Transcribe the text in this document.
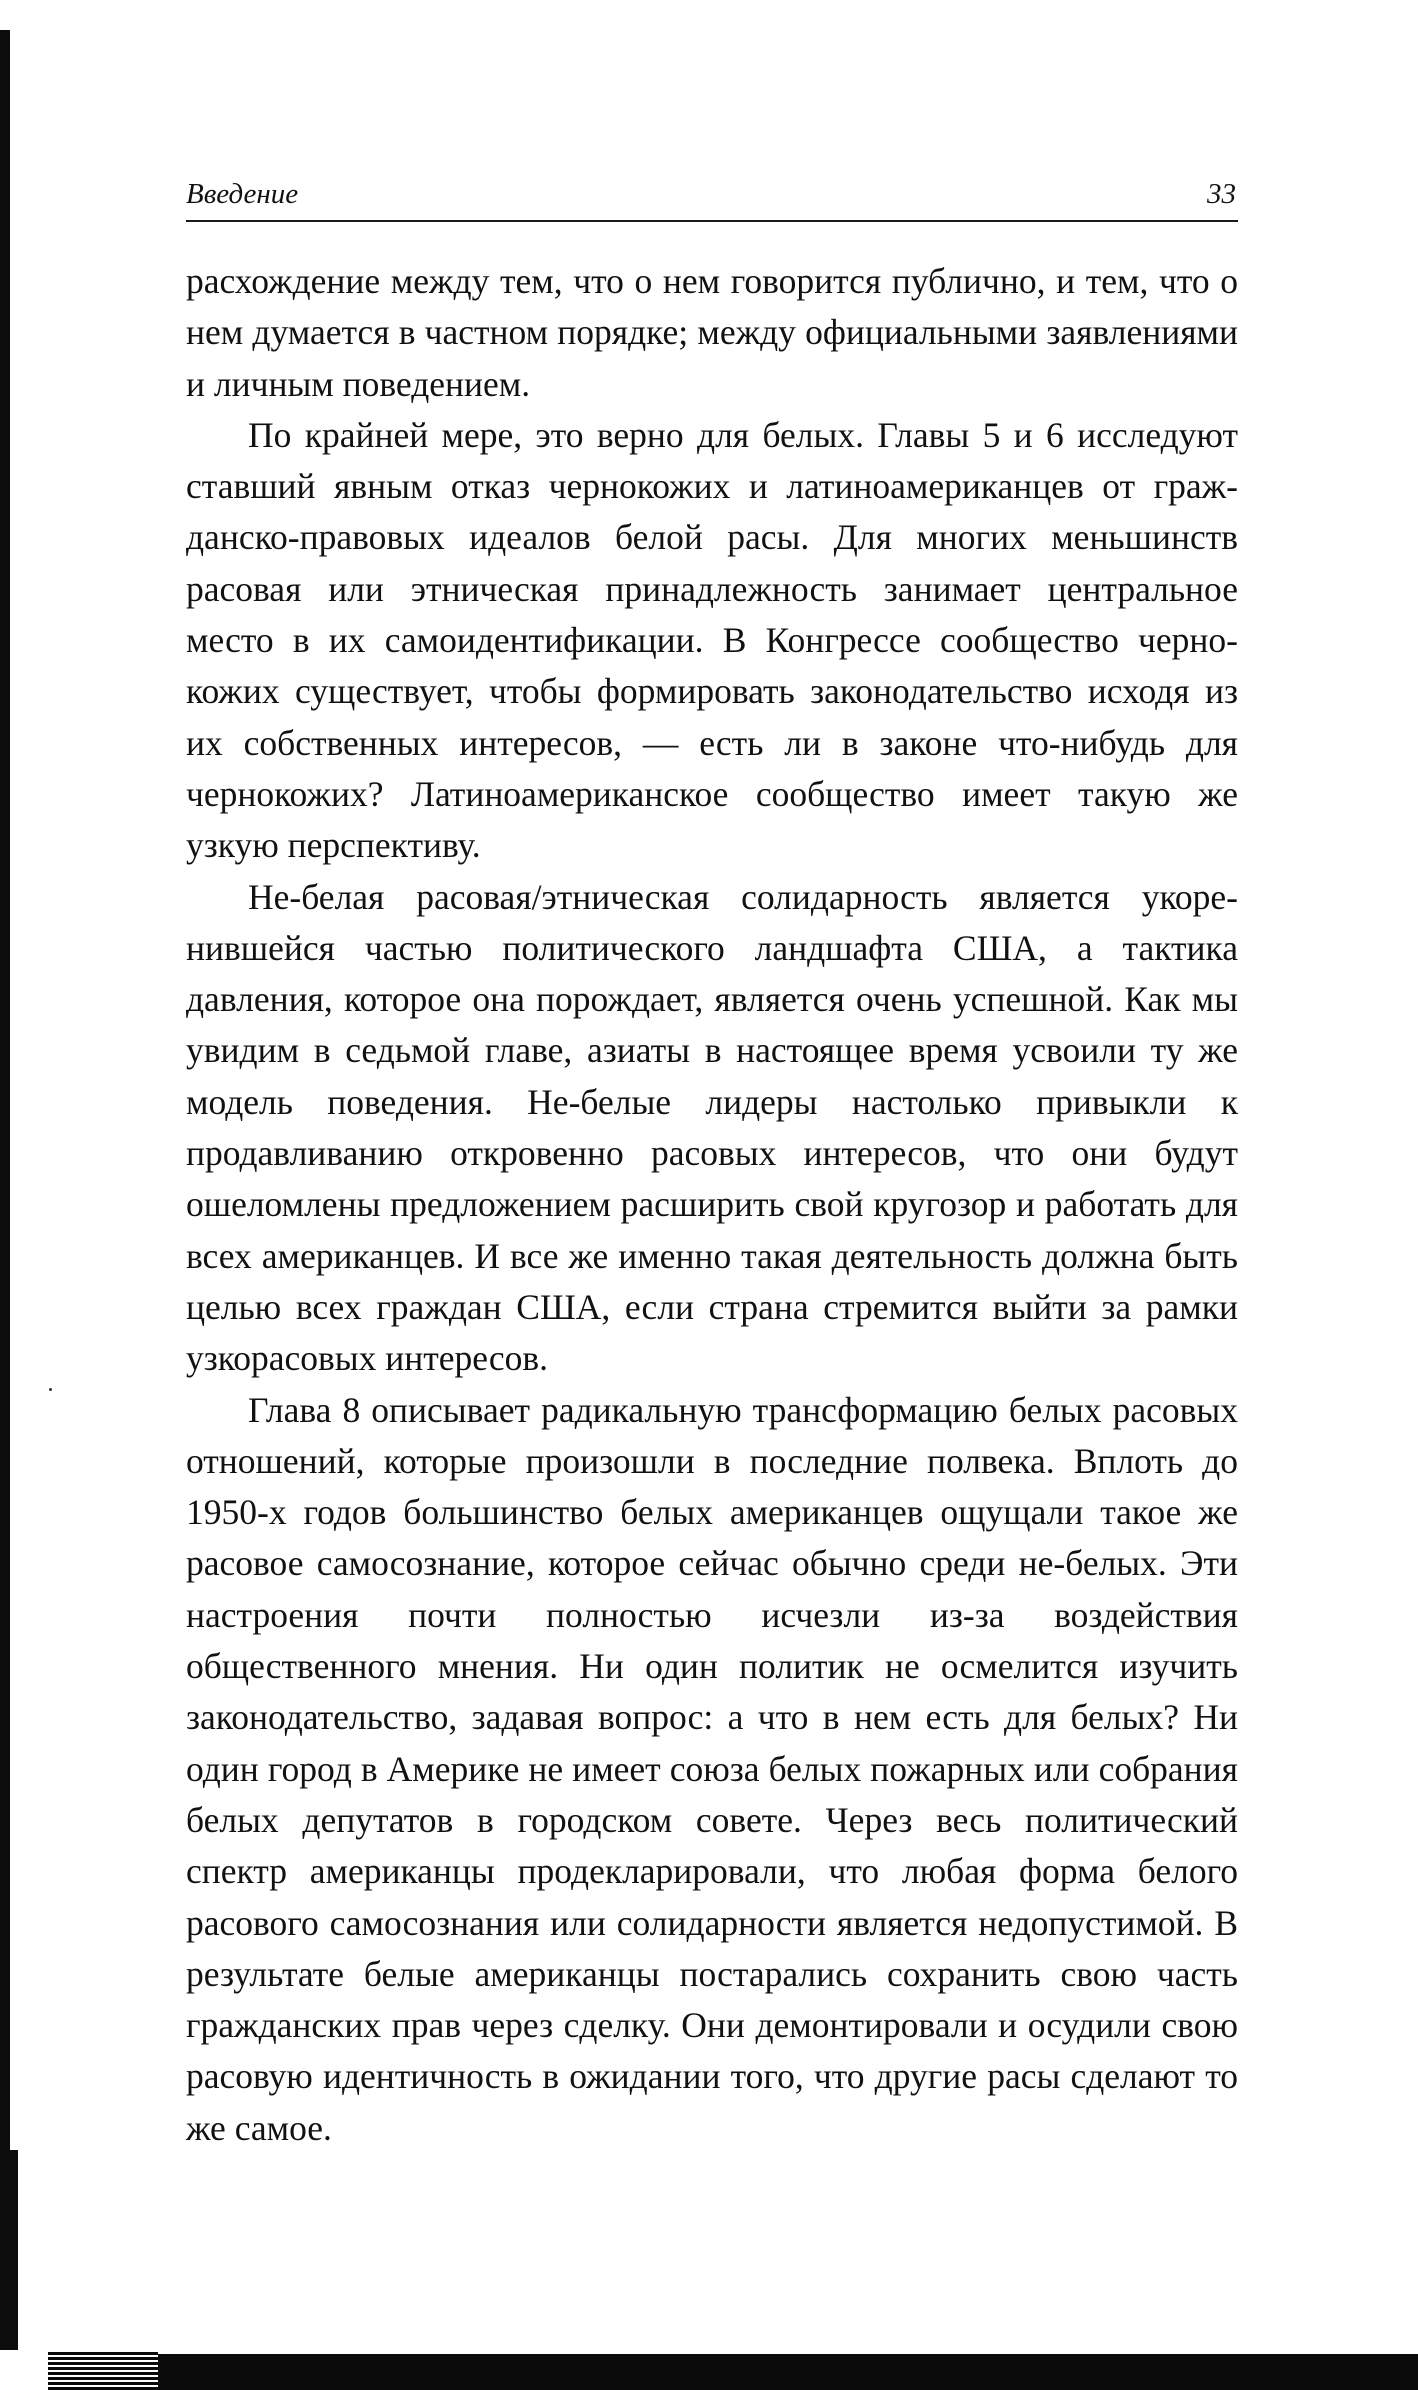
Введение	33

расхождение между тем, что о нем говорится публично, и тем, что о нем думается в частном порядке; между официальными заявлениями и личным поведением.

По крайней мере, это верно для белых. Главы 5 и 6 исследуют ставший явным отказ чернокожих и латиноамериканцев от гражданско-правовых идеалов белой расы. Для многих меньшинств расовая или этническая принадлежность занимает центральное место в их самоидентификации. В Конгрессе сообщество чернокожих существует, чтобы формировать законодательство исходя из их собственных интересов, — есть ли в законе что-нибудь для чернокожих? Латиноамериканское сообщество имеет такую же узкую перспективу.

Не-белая расовая/этническая солидарность является укоренившейся частью политического ландшафта США, а тактика давления, которое она порождает, является очень успешной. Как мы увидим в седьмой главе, азиаты в настоящее время усвоили ту же модель поведения. Не-белые лидеры настолько привыкли к продавливанию откровенно расовых интересов, что они будут ошеломлены предложением расширить свой кругозор и работать для всех американцев. И все же именно такая деятельность должна быть целью всех граждан США, если страна стремится выйти за рамки узкорасовых интересов.

Глава 8 описывает радикальную трансформацию белых расовых отношений, которые произошли в последние полвека. Вплоть до 1950-х годов большинство белых американцев ощущали такое же расовое самосознание, которое сейчас обычно среди не-белых. Эти настроения почти полностью исчезли из-за воздействия общественного мнения. Ни один политик не осмелится изучить законодательство, задавая вопрос: а что в нем есть для белых? Ни один город в Америке не имеет союза белых пожарных или собрания белых депутатов в городском совете. Через весь политический спектр американцы продекларировали, что любая форма белого расового самосознания или солидарности является недопустимой. В результате белые американцы постарались сохранить свою часть гражданских прав через сделку. Они демонтировали и осудили свою расовую идентичность в ожидании того, что другие расы сделают то же самое.
